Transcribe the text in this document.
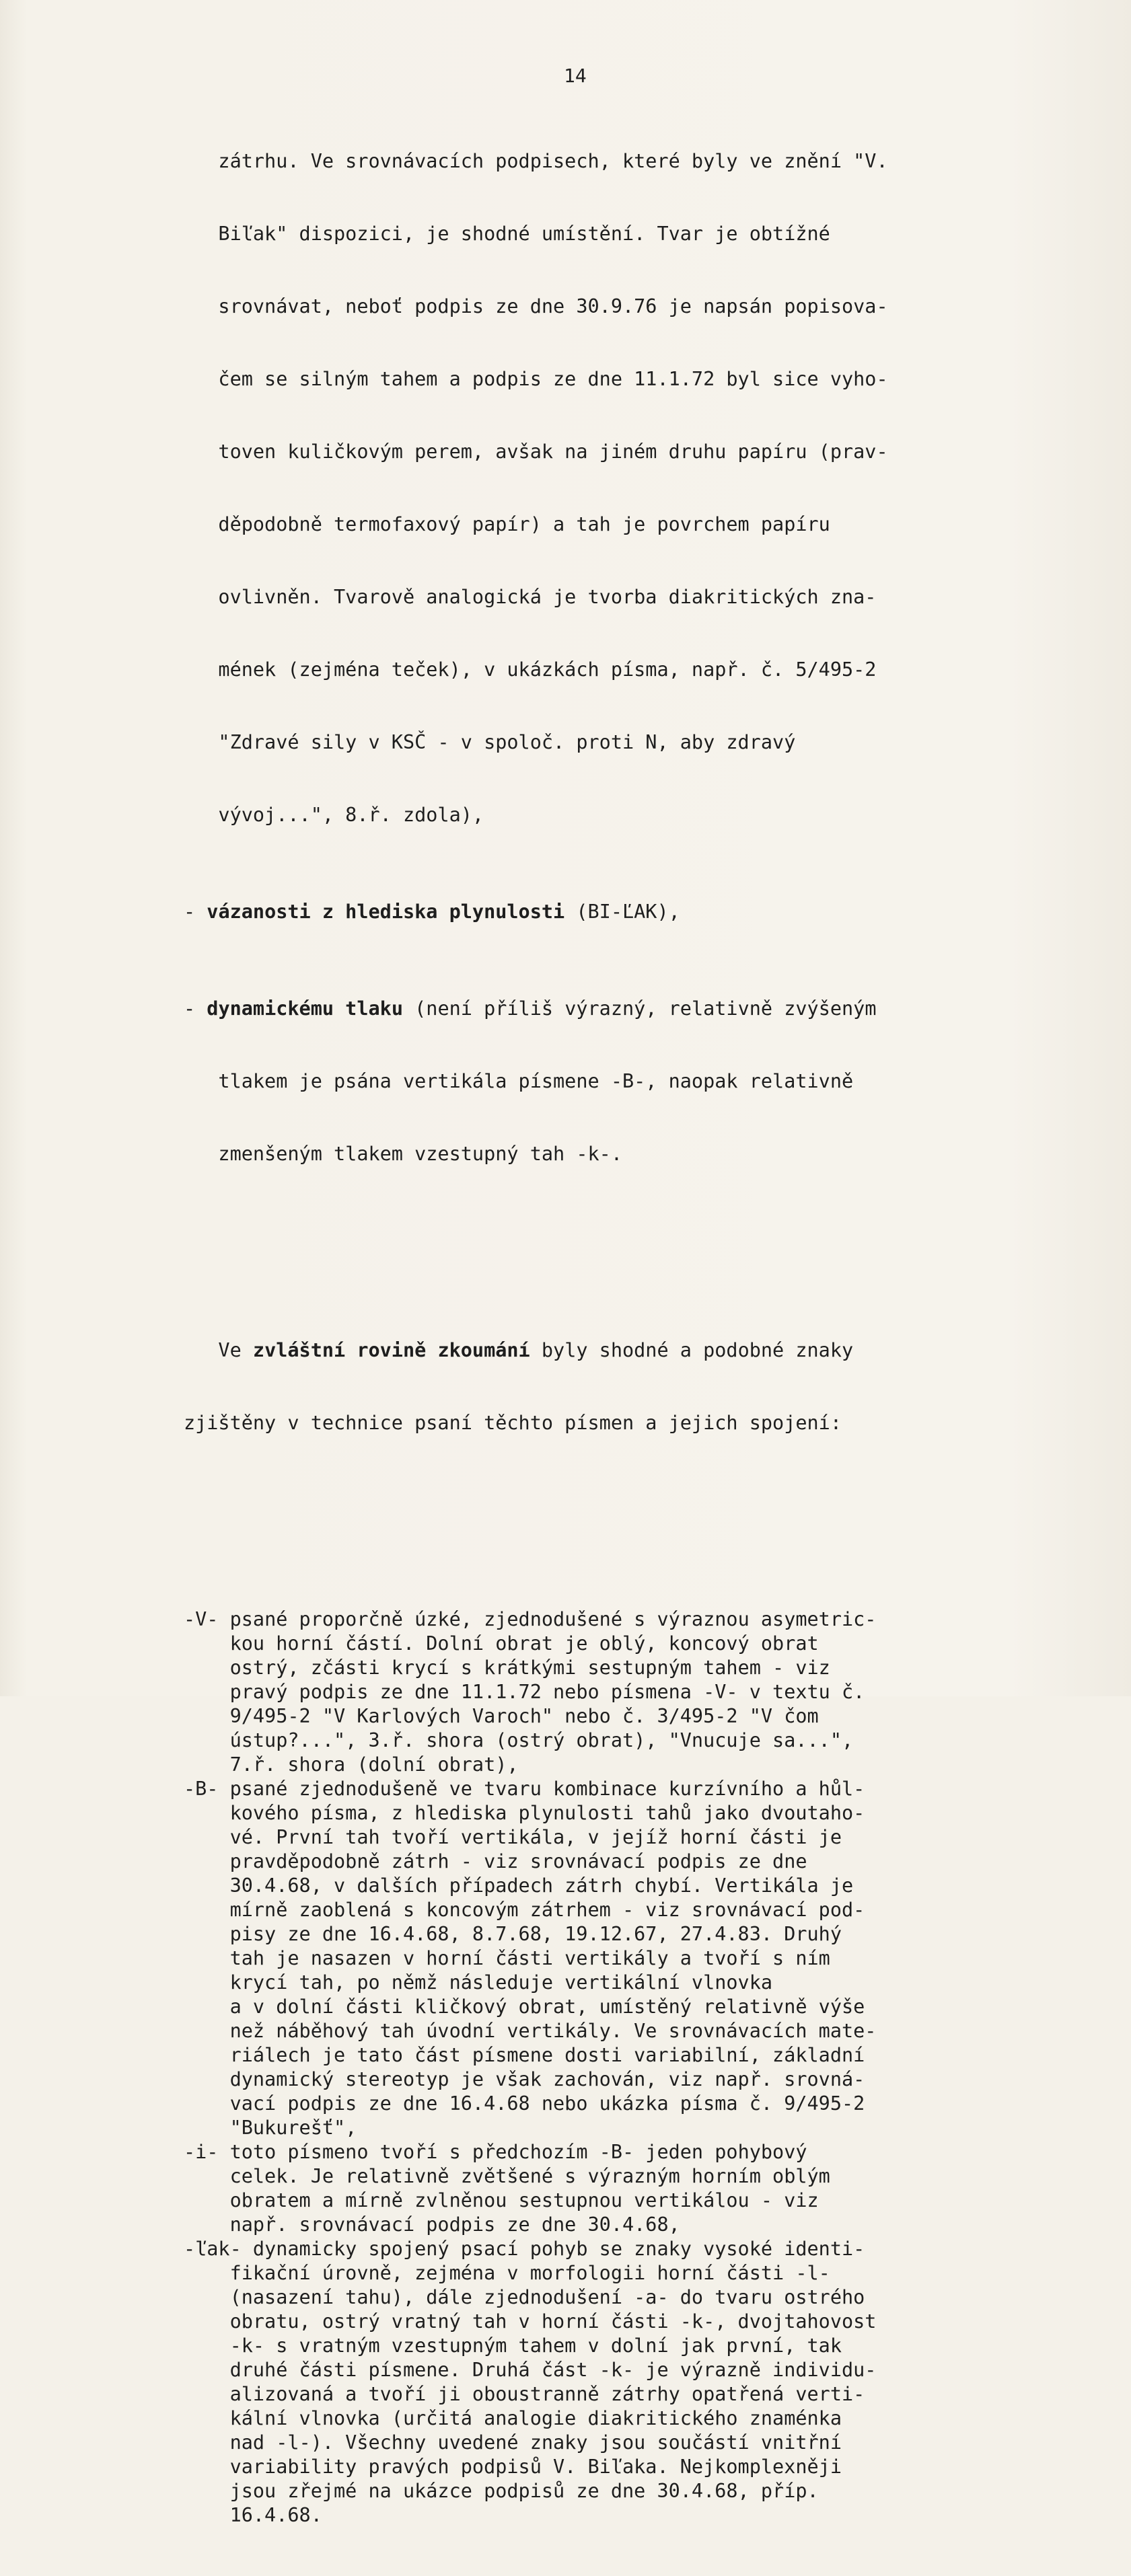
14

zátrhu. Ve srovnávacích podpisech, které byly ve znění "V.

Biľak" dispozici, je shodné umístění. Tvar je obtížné

srovnávat, neboť podpis ze dne 30.9.76 je napsán popisova-

čem se silným tahem a podpis ze dne 11.1.72 byl sice vyho-

toven kuličkovým perem, avšak na jiném druhu papíru (prav-

děpodobně termofaxový papír) a tah je povrchem papíru

ovlivněn. Tvarově analogická je tvorba diakritických zna-

mének (zejména teček), v ukázkách písma, např. č. 5/495-2

"Zdravé sily v KSČ - v spoloč. proti N, aby zdravý

vývoj...", 8.ř. zdola),

- vázanosti z hlediska plynulosti (BI-ĽAK),

- dynamickému tlaku (není příliš výrazný, relativně zvýšeným

tlakem je psána vertikála písmene -B-, naopak relativně

zmenšeným tlakem vzestupný tah -k-.

Ve zvláštní rovině zkoumání byly shodné a podobné znaky

zjištěny v technice psaní těchto písmen a jejich spojení:

-V- psané proporčně úzké, zjednodušené s výraznou asymetric-
kou horní částí. Dolní obrat je oblý, koncový obrat
ostrý, zčásti krycí s krátkými sestupným tahem - viz
pravý podpis ze dne 11.1.72 nebo písmena -V- v textu č.
9/495-2 "V Karlových Varoch" nebo č. 3/495-2 "V čom
ústup?...", 3.ř. shora (ostrý obrat), "Vnucuje sa...",
7.ř. shora (dolní obrat),
-B- psané zjednodušeně ve tvaru kombinace kurzívního a hůl-
kového písma, z hlediska plynulosti tahů jako dvoutaho-
vé. První tah tvoří vertikála, v jejíž horní části je
pravděpodobně zátrh - viz srovnávací podpis ze dne
30.4.68, v dalších případech zátrh chybí. Vertikála je
mírně zaoblená s koncovým zátrhem - viz srovnávací pod-
pisy ze dne 16.4.68, 8.7.68, 19.12.67, 27.4.83. Druhý
tah je nasazen v horní části vertikály a tvoří s ním
krycí tah, po němž následuje vertikální vlnovka
a v dolní části kličkový obrat, umístěný relativně výše
než náběhový tah úvodní vertikály. Ve srovnávacích mate-
riálech je tato část písmene dosti variabilní, základní
dynamický stereotyp je však zachován, viz např. srovná-
vací podpis ze dne 16.4.68 nebo ukázka písma č. 9/495-2
"Bukurešť",
-i- toto písmeno tvoří s předchozím -B- jeden pohybový
celek. Je relativně zvětšené s výrazným horním oblým
obratem a mírně zvlněnou sestupnou vertikálou - viz
např. srovnávací podpis ze dne 30.4.68,
-ľak- dynamicky spojený psací pohyb se znaky vysoké identi-
fikační úrovně, zejména v morfologii horní části -l-
(nasazení tahu), dále zjednodušení -a- do tvaru ostrého
obratu, ostrý vratný tah v horní části -k-, dvojtahovost
-k- s vratným vzestupným tahem v dolní jak první, tak
druhé části písmene. Druhá část -k- je výrazně individu-
alizovaná a tvoří ji oboustranně zátrhy opatřená verti-
kální vlnovka (určitá analogie diakritického znaménka
nad -l-). Všechny uvedené znaky jsou součástí vnitřní
variability pravých podpisů V. Biľaka. Nejkomplexněji
jsou zřejmé na ukázce podpisů ze dne 30.4.68, příp.
16.4.68.
